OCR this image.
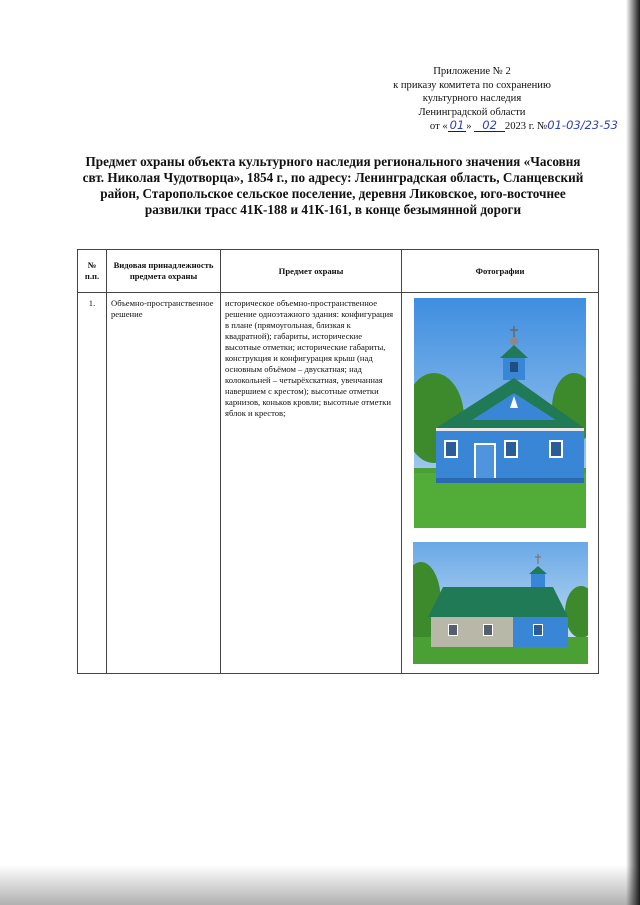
Приложение № 2
к приказу комитета по сохранению
культурного наследия
Ленинградской области
от « 01 » 02 2023 г. №01-03/23-53
Предмет охраны объекта культурного наследия регионального значения «Часовня свт. Николая Чудотворца», 1854 г., по адресу: Ленинградская область, Сланцевский район, Старопольское сельское поселение, деревня Ликовское, юго-восточнее развилки трасс 41К-188 и 41К-161, в конце безымянной дороги
№ п.п.	Видовая принадлежность предмета охраны	Предмет охраны	Фотографии
1.	Объемно-пространственное решение	историческое объемно-пространственное решение одноэтажного здания: конфигурация в плане (прямоугольная, близкая к квадратной); габариты, исторические высотные отметки; исторические габариты, конструкция и конфигурация крыш (над основным объёмом – двускатная; над колокольней – четырёхскатная, увенчанная навершием с крестом); высотные отметки карнизов, коньков кровли; высотные отметки яблок и крестов;	
